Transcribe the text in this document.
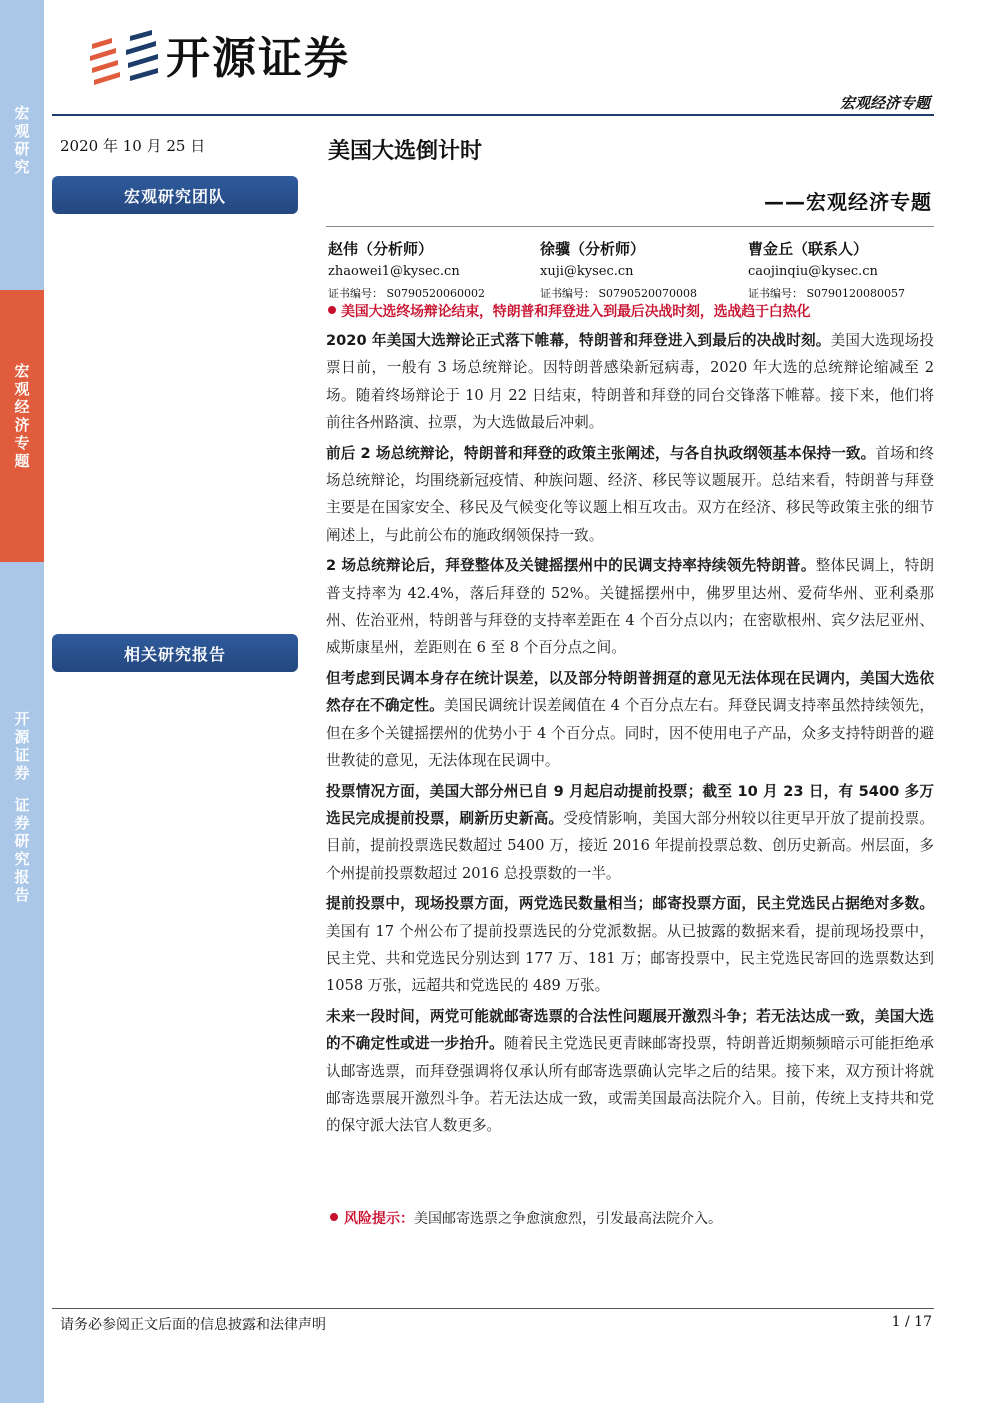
宏
观
研
究
宏
观
经
济
专
题
开
源
证
券
证
券
研
究
报
告
开源证券
宏观经济专题
2020 年 10 月 25 日	美国大选倒计时
——宏观经济专题
宏观研究团队
相关研究报告
赵伟（分析师）
zhaowei1@kysec.cn
证书编号： S0790520060002
徐骥（分析师）
xuji@kysec.cn
证书编号： S0790520070008
曹金丘（联系人）
caojinqiu@kysec.cn
证书编号： S0790120080057
美国大选终场辩论结束，特朗普和拜登进入到最后决战时刻，选战趋于白热化

2020 年美国大选辩论正式落下帷幕，特朗普和拜登进入到最后的决战时刻。美国大选现场投票日前，一般有 3 场总统辩论。因特朗普感染新冠病毒，2020 年大选的总统辩论缩减至 2 场。随着终场辩论于 10 月 22 日结束，特朗普和拜登的同台交锋落下帷幕。接下来，他们将前往各州路演、拉票，为大选做最后冲刺。

前后 2 场总统辩论，特朗普和拜登的政策主张阐述，与各自执政纲领基本保持一致。首场和终场总统辩论，均围绕新冠疫情、种族问题、经济、移民等议题展开。总结来看，特朗普与拜登主要是在国家安全、移民及气候变化等议题上相互攻击。双方在经济、移民等政策主张的细节阐述上，与此前公布的施政纲领保持一致。

2 场总统辩论后，拜登整体及关键摇摆州中的民调支持率持续领先特朗普。整体民调上，特朗普支持率为 42.4%，落后拜登的 52%。关键摇摆州中，佛罗里达州、爱荷华州、亚利桑那州、佐治亚州，特朗普与拜登的支持率差距在 4 个百分点以内；在密歇根州、宾夕法尼亚州、威斯康星州，差距则在 6 至 8 个百分点之间。

但考虑到民调本身存在统计误差，以及部分特朗普拥趸的意见无法体现在民调内，美国大选依然存在不确定性。美国民调统计误差阈值在 4 个百分点左右。拜登民调支持率虽然持续领先，但在多个关键摇摆州的优势小于 4 个百分点。同时，因不使用电子产品，众多支持特朗普的避世教徒的意见，无法体现在民调中。

投票情况方面，美国大部分州已自 9 月起启动提前投票；截至 10 月 23 日，有 5400 多万选民完成提前投票，刷新历史新高。受疫情影响，美国大部分州较以往更早开放了提前投票。目前，提前投票选民数超过 5400 万，接近 2016 年提前投票总数、创历史新高。州层面，多个州提前投票数超过 2016 总投票数的一半。

提前投票中，现场投票方面，两党选民数量相当；邮寄投票方面，民主党选民占据绝对多数。美国有 17 个州公布了提前投票选民的分党派数据。从已披露的数据来看，提前现场投票中，民主党、共和党选民分别达到 177 万、181 万；邮寄投票中，民主党选民寄回的选票数达到 1058 万张，远超共和党选民的 489 万张。

未来一段时间，两党可能就邮寄选票的合法性问题展开激烈斗争；若无法达成一致，美国大选的不确定性或进一步抬升。随着民主党选民更青睐邮寄投票，特朗普近期频频暗示可能拒绝承认邮寄选票，而拜登强调将仅承认所有邮寄选票确认完毕之后的结果。接下来，双方预计将就邮寄选票展开激烈斗争。若无法达成一致，或需美国最高法院介入。目前，传统上支持共和党的保守派大法官人数更多。

风险提示：美国邮寄选票之争愈演愈烈，引发最高法院介入。
请务必参阅正文后面的信息披露和法律声明	1 / 17
